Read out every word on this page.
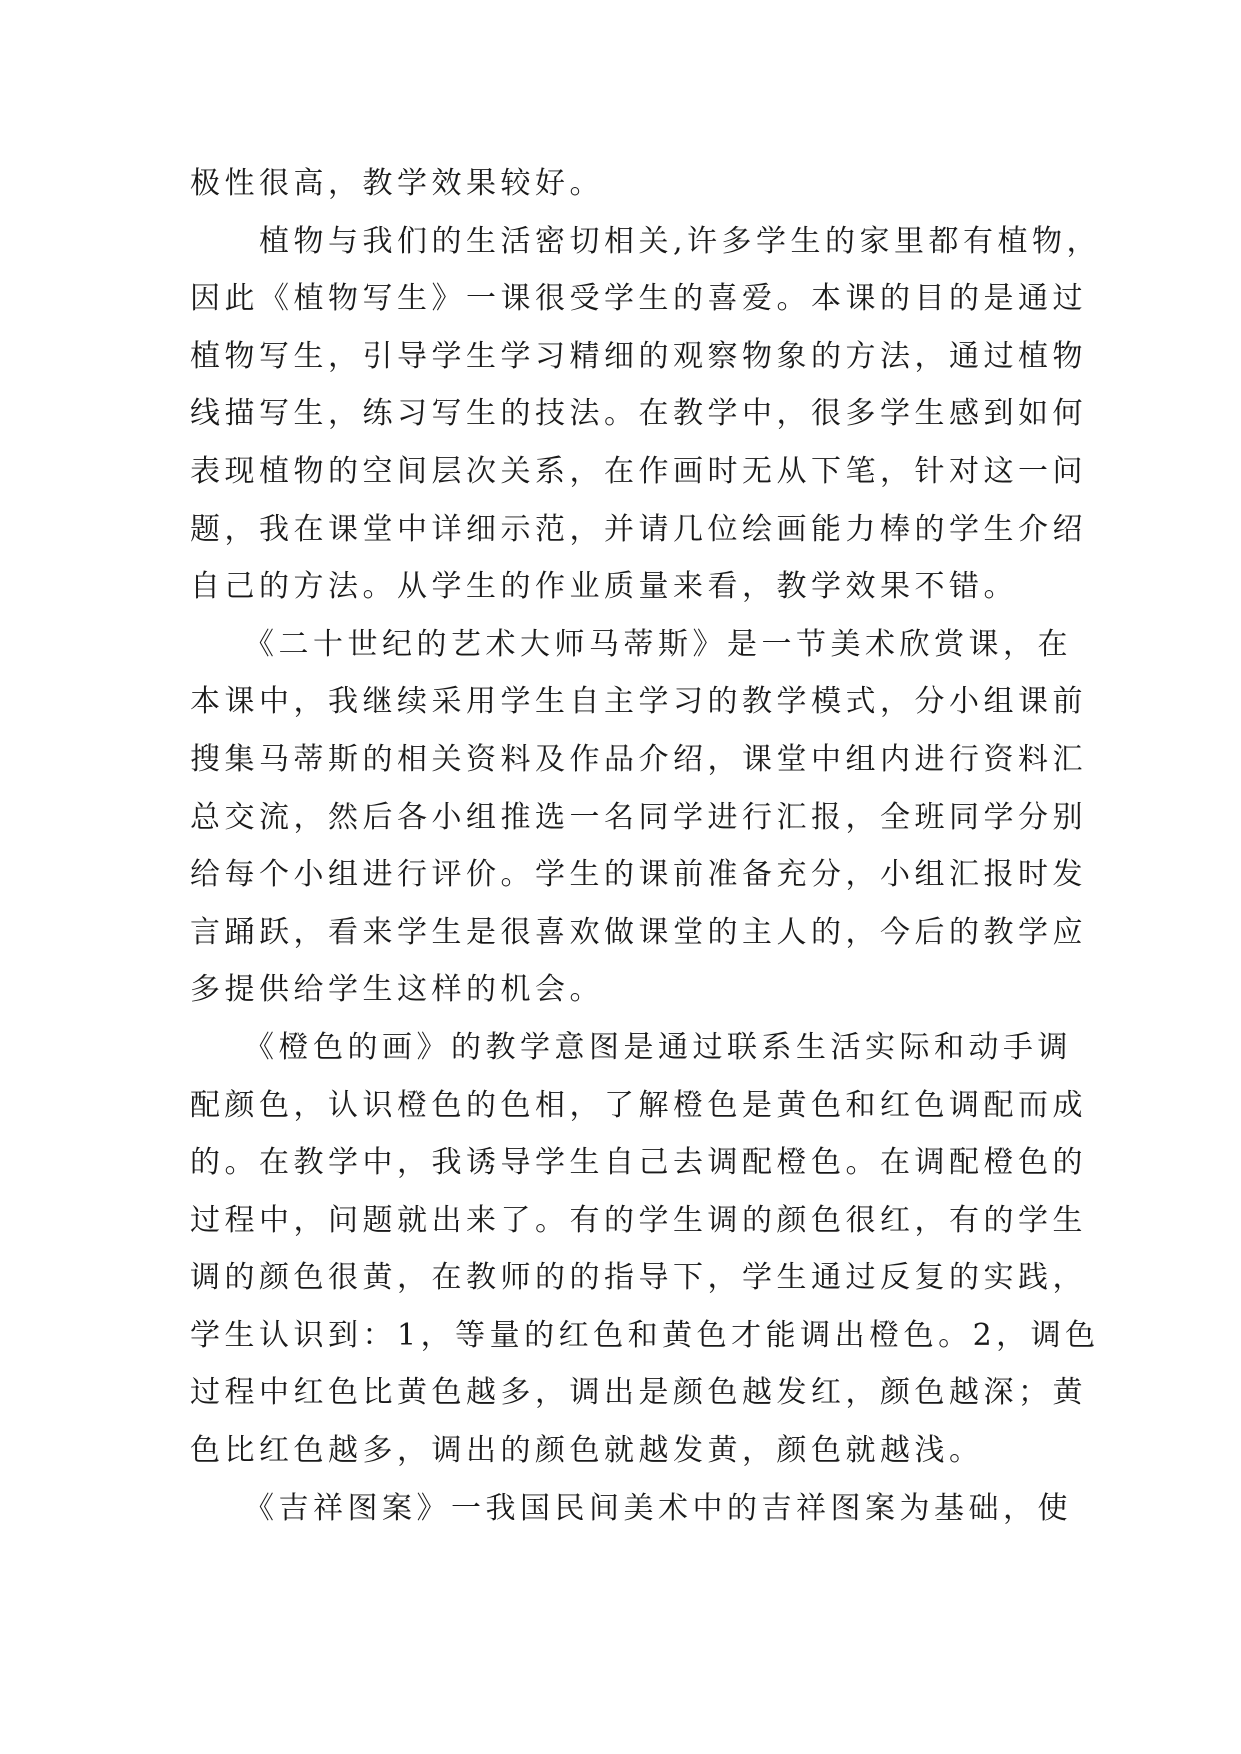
极性很高，教学效果较好。
　　植物与我们的生活密切相关,许多学生的家里都有植物，
因此《植物写生》一课很受学生的喜爱。本课的目的是通过
植物写生，引导学生学习精细的观察物象的方法，通过植物
线描写生，练习写生的技法。在教学中，很多学生感到如何
表现植物的空间层次关系，在作画时无从下笔，针对这一问
题，我在课堂中详细示范，并请几位绘画能力棒的学生介绍
自己的方法。从学生的作业质量来看，教学效果不错。
　　《二十世纪的艺术大师马蒂斯》是一节美术欣赏课，在
本课中，我继续采用学生自主学习的教学模式，分小组课前
搜集马蒂斯的相关资料及作品介绍，课堂中组内进行资料汇
总交流，然后各小组推选一名同学进行汇报，全班同学分别
给每个小组进行评价。学生的课前准备充分，小组汇报时发
言踊跃，看来学生是很喜欢做课堂的主人的，今后的教学应
多提供给学生这样的机会。
　　《橙色的画》的教学意图是通过联系生活实际和动手调
配颜色，认识橙色的色相，了解橙色是黄色和红色调配而成
的。在教学中，我诱导学生自己去调配橙色。在调配橙色的
过程中，问题就出来了。有的学生调的颜色很红，有的学生
调的颜色很黄，在教师的的指导下，学生通过反复的实践，
学生认识到：1，等量的红色和黄色才能调出橙色。2，调色
过程中红色比黄色越多，调出是颜色越发红，颜色越深；黄
色比红色越多，调出的颜色就越发黄，颜色就越浅。
　　《吉祥图案》一我国民间美术中的吉祥图案为基础，使
